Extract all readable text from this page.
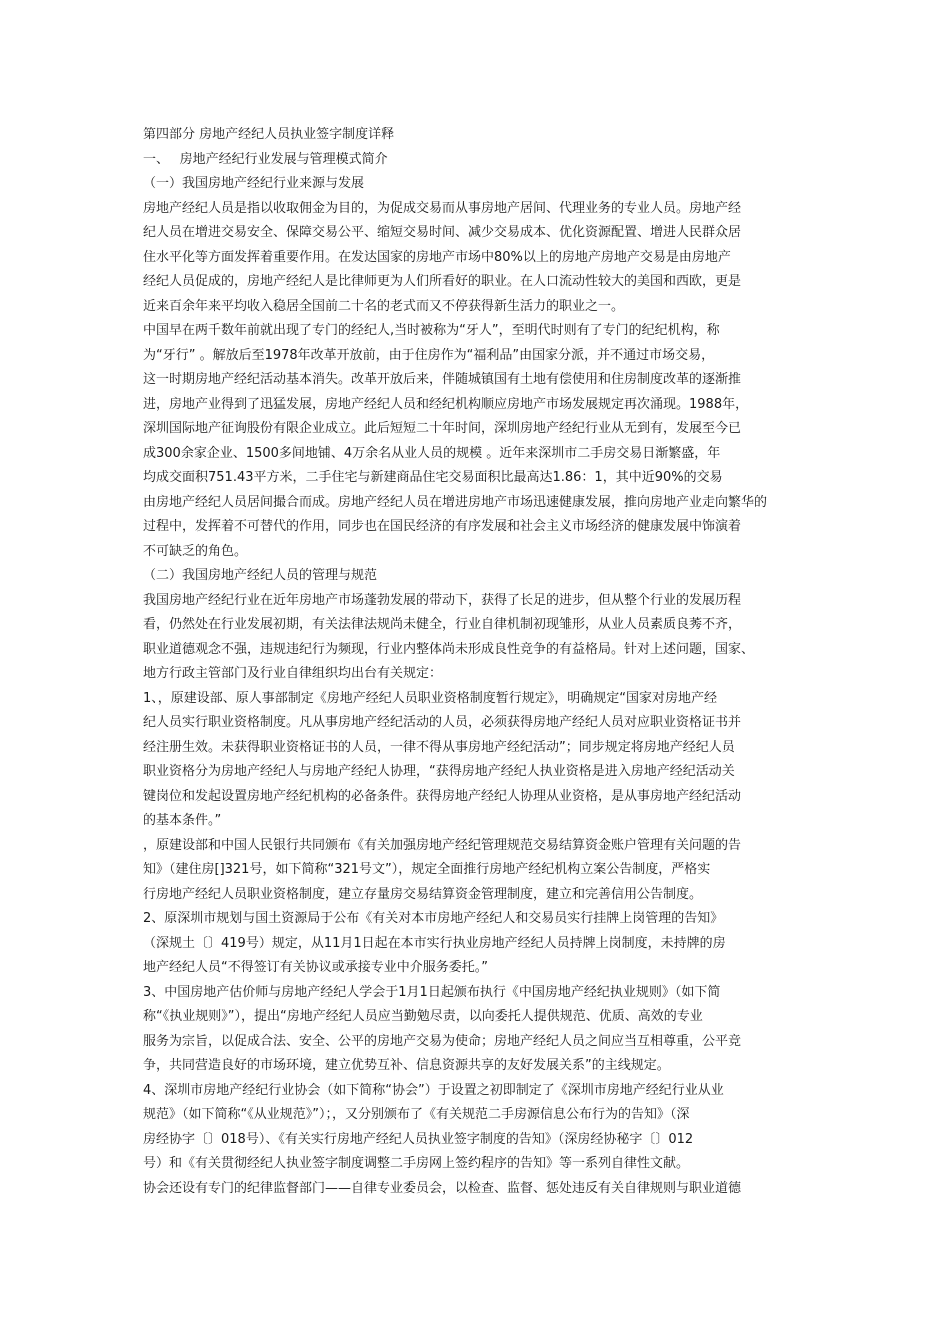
第四部分 房地产经纪人员执业签字制度详释
一、　 房地产经纪行业发展与管理模式简介
（一）我国房地产经纪行业来源与发展
房地产经纪人员是指以收取佣金为目的，为促成交易而从事房地产居间、代理业务的专业人员。房地产经
纪人员在增进交易安全、保障交易公平、缩短交易时间、减少交易成本、优化资源配置、增进人民群众居
住水平化等方面发挥着重要作用。在发达国家的房地产市场中80%以上的房地产房地产交易是由房地产
经纪人员促成的，房地产经纪人是比律师更为人们所看好的职业。在人口流动性较大的美国和西欧，更是
近来百余年来平均收入稳居全国前二十名的老式而又不停获得新生活力的职业之一。
中国早在两千数年前就出现了专门的经纪人,当时被称为“牙人”，至明代时则有了专门的纪纪机构，称
为“牙行” 。解放后至1978年改革开放前，由于住房作为“福利品”由国家分派，并不通过市场交易，
这一时期房地产经纪活动基本消失。改革开放后来，伴随城镇国有土地有偿使用和住房制度改革的逐渐推
进，房地产业得到了迅猛发展，房地产经纪人员和经纪机构顺应房地产市场发展规定再次涌现。1988年，
深圳国际地产征询股份有限企业成立。此后短短二十年时间，深圳房地产经纪行业从无到有，发展至今已
成300余家企业、1500多间地铺、4万余名从业人员的规模 。近年来深圳市二手房交易日渐繁盛，年
均成交面积751.43平方米，二手住宅与新建商品住宅交易面积比最高达1.86：1，其中近90%的交易
由房地产经纪人员居间撮合而成。房地产经纪人员在增进房地产市场迅速健康发展，推向房地产业走向繁华的
过程中，发挥着不可替代的作用，同步也在国民经济的有序发展和社会主义市场经济的健康发展中饰演着
不可缺乏的角色。
（二）我国房地产经纪人员的管理与规范
我国房地产经纪行业在近年房地产市场蓬勃发展的带动下，获得了长足的进步，但从整个行业的发展历程
看，仍然处在行业发展初期，有关法律法规尚未健全，行业自律机制初现雏形，从业人员素质良莠不齐，
职业道德观念不强，违规违纪行为频现，行业内整体尚未形成良性竞争的有益格局。针对上述问题，国家、
地方行政主管部门及行业自律组织均出台有关规定：
1、，原建设部、原人事部制定《房地产经纪人员职业资格制度暂行规定》，明确规定“国家对房地产经
纪人员实行职业资格制度。凡从事房地产经纪活动的人员，必须获得房地产经纪人员对应职业资格证书并
经注册生效。未获得职业资格证书的人员，一律不得从事房地产经纪活动”；同步规定将房地产经纪人员
职业资格分为房地产经纪人与房地产经纪人协理，“获得房地产经纪人执业资格是进入房地产经纪活动关
键岗位和发起设置房地产经纪机构的必备条件。获得房地产经纪人协理从业资格，是从事房地产经纪活动
的基本条件。”
，原建设部和中国人民银行共同颁布《有关加强房地产经纪管理规范交易结算资金账户管理有关问题的告
知》（建住房[]321号，如下简称“321号文”），规定全面推行房地产经纪机构立案公告制度，严格实
行房地产经纪人员职业资格制度，建立存量房交易结算资金管理制度，建立和完善信用公告制度。
2、原深圳市规划与国土资源局于公布《有关对本市房地产经纪人和交易员实行挂牌上岗管理的告知》
（深规土〔〕419号）规定，从11月1日起在本市实行执业房地产经纪人员持牌上岗制度，未持牌的房
地产经纪人员“不得签订有关协议或承接专业中介服务委托。”
3、中国房地产估价师与房地产经纪人学会于1月1日起颁布执行《中国房地产经纪执业规则》（如下简
称“《执业规则》”），提出“房地产经纪人员应当勤勉尽责，以向委托人提供规范、优质、高效的专业
服务为宗旨，以促成合法、安全、公平的房地产交易为使命；房地产经纪人员之间应当互相尊重，公平竞
争，共同营造良好的市场环境，建立优势互补、信息资源共享的友好发展关系”的主线规定。
4、深圳市房地产经纪行业协会（如下简称“协会”）于设置之初即制定了《深圳市房地产经纪行业从业
规范》（如下简称“《从业规范》”）；，又分别颁布了《有关规范二手房源信息公布行为的告知》（深
房经协字〔〕018号）、《有关实行房地产经纪人员执业签字制度的告知》（深房经协秘字〔〕012
号）和《有关贯彻经纪人执业签字制度调整二手房网上签约程序的告知》等一系列自律性文献。
协会还设有专门的纪律监督部门——自律专业委员会，以检查、监督、惩处违反有关自律规则与职业道德
